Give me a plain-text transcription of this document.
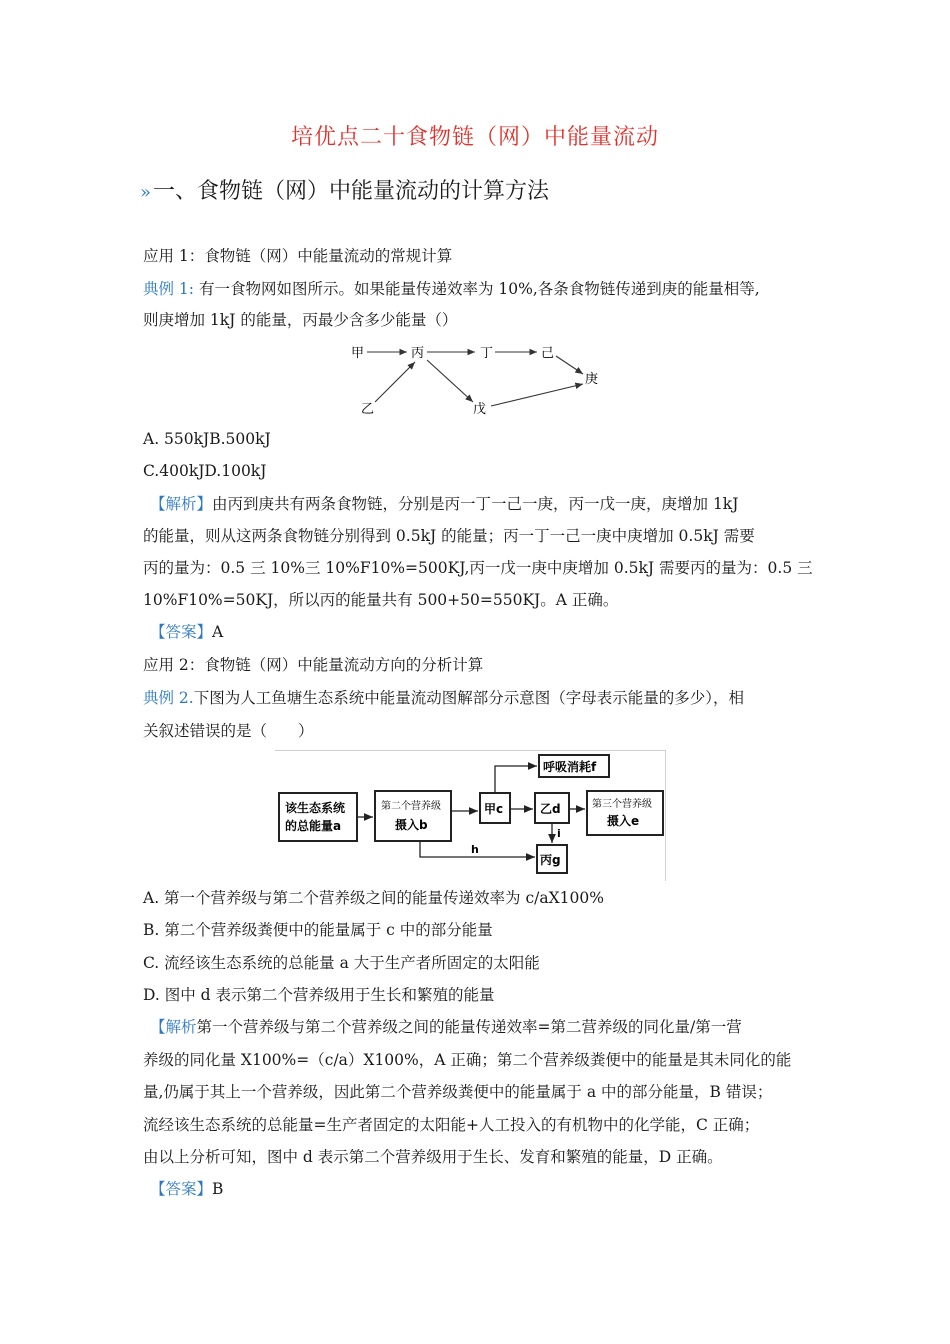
培优点二十食物链（网）中能量流动
»一、食物链（网）中能量流动的计算方法
应用 1：食物链（网）中能量流动的常规计算
典例 1: 有一食物网如图所示。如果能量传递效率为 10%,各条食物链传递到庚的能量相等,
则庚增加 1kJ 的能量，丙最少含多少能量（）
甲	丙	丁	己
庚
乙	戊
A. 550kJB.500kJ
C.400kJD.100kJ
【解析】由丙到庚共有两条食物链，分别是丙一丁一己一庚，丙一戊一庚，庚增加 1kJ
的能量，则从这两条食物链分别得到 0.5kJ 的能量；丙一丁一己一庚中庚增加 0.5kJ 需要
丙的量为：0.5 三 10%三 10%F10%=500KJ,丙一戊一庚中庚增加 0.5kJ 需要丙的量为：0.5 三
10%F10%=50KJ，所以丙的能量共有 500+50=550KJ。A 正确。
【答案】A
应用 2：食物链（网）中能量流动方向的分析计算
典例 2.下图为人工鱼塘生态系统中能量流动图解部分示意图（字母表示能量的多少），相
关叙述错误的是（　　）
该生态系统
的总能量a
第二个营养级
摄入b
甲c
呼吸消耗f
乙d	第三个营养级
摄入e
丙g
h
i
A. 第一个营养级与第二个营养级之间的能量传递效率为 c/aX100%
B. 第二个营养级粪便中的能量属于 c 中的部分能量
C. 流经该生态系统的总能量 a 大于生产者所固定的太阳能
D. 图中 d 表示第二个营养级用于生长和繁殖的能量
【解析第一个营养级与第二个营养级之间的能量传递效率=第二营养级的同化量/第一营
养级的同化量 X100%=（c/a）X100%，A 正确；第二个营养级粪便中的能量是其未同化的能
量,仍属于其上一个营养级，因此第二个营养级粪便中的能量属于 a 中的部分能量，B 错误；
流经该生态系统的总能量=生产者固定的太阳能+人工投入的有机物中的化学能，C 正确；
由以上分析可知，图中 d 表示第二个营养级用于生长、发育和繁殖的能量，D 正确。
【答案】B
